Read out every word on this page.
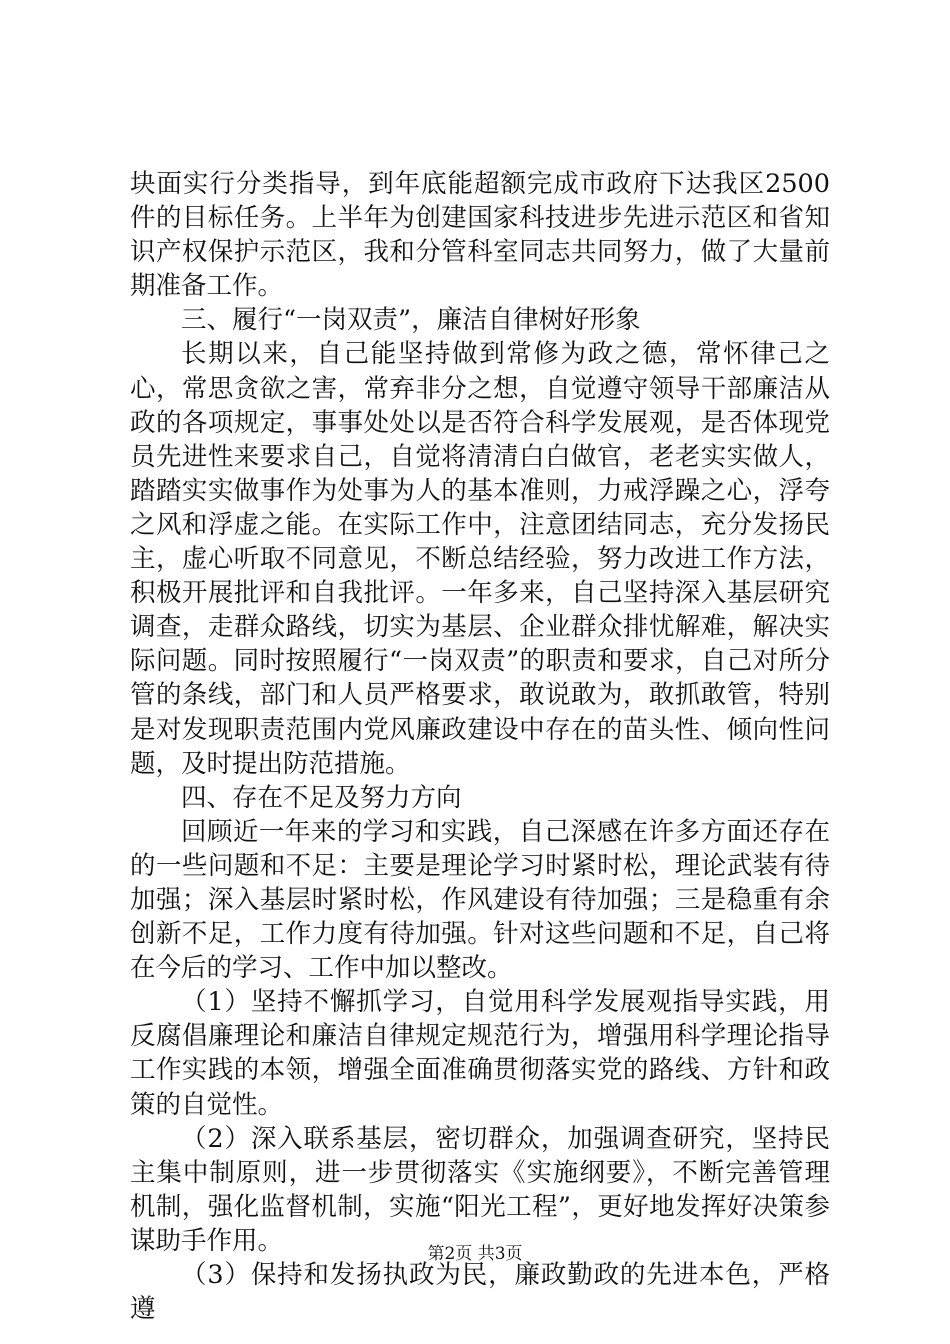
块面实行分类指导，到年底能超额完成市政府下达我区2500件的目标任务。上半年为创建国家科技进步先进示范区和省知识产权保护示范区，我和分管科室同志共同努力，做了大量前期准备工作。

三、履行“一岗双责”，廉洁自律树好形象

长期以来，自己能坚持做到常修为政之德，常怀律己之心，常思贪欲之害，常弃非分之想，自觉遵守领导干部廉洁从政的各项规定，事事处处以是否符合科学发展观，是否体现党员先进性来要求自己，自觉将清清白白做官，老老实实做人，踏踏实实做事作为处事为人的基本准则，力戒浮躁之心，浮夸之风和浮虚之能。在实际工作中，注意团结同志，充分发扬民主，虚心听取不同意见，不断总结经验，努力改进工作方法，积极开展批评和自我批评。一年多来，自己坚持深入基层研究调查，走群众路线，切实为基层、企业群众排忧解难，解决实际问题。同时按照履行“一岗双责”的职责和要求，自己对所分管的条线，部门和人员严格要求，敢说敢为，敢抓敢管，特别是对发现职责范围内党风廉政建设中存在的苗头性、倾向性问题，及时提出防范措施。

四、存在不足及努力方向

回顾近一年来的学习和实践，自己深感在许多方面还存在的一些问题和不足：主要是理论学习时紧时松，理论武装有待加强；深入基层时紧时松，作风建设有待加强；三是稳重有余创新不足，工作力度有待加强。针对这些问题和不足，自己将在今后的学习、工作中加以整改。

（1）坚持不懈抓学习，自觉用科学发展观指导实践，用反腐倡廉理论和廉洁自律规定规范行为，增强用科学理论指导工作实践的本领，增强全面准确贯彻落实党的路线、方针和政策的自觉性。

（2）深入联系基层，密切群众，加强调查研究，坚持民主集中制原则，进一步贯彻落实《实施纲要》，不断完善管理机制，强化监督机制，实施“阳光工程”，更好地发挥好决策参谋助手作用。

（3）保持和发扬执政为民，廉政勤政的先进本色，严格遵

第2页 共3页
